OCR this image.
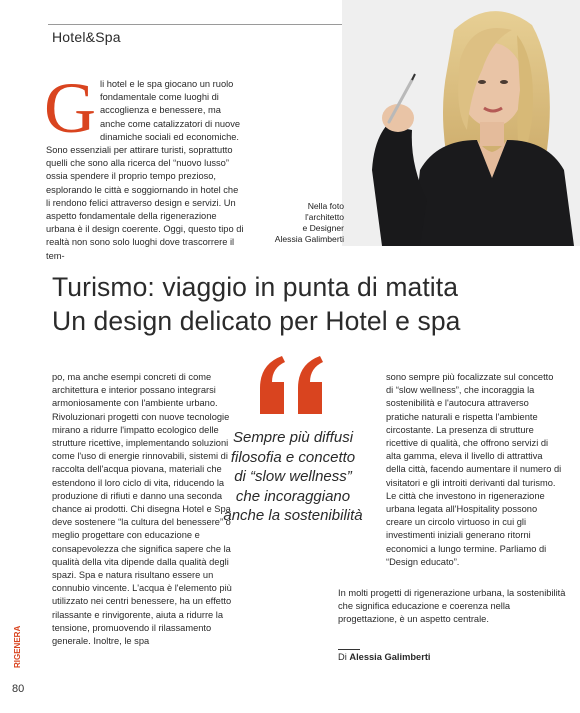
Hotel&Spa

G li hotel e le spa giocano un ruolo fondamentale come luoghi di accoglienza e benessere, ma anche come catalizzatori di nuove dinamiche sociali ed economiche. Sono essenziali per attirare turisti, soprattutto quelli che sono alla ricerca del “nuovo lusso” ossia spendere il proprio tempo prezioso, esplorando le città e soggiornando in hotel che li rendono felici attraverso design e servizi. Un aspetto fondamentale della rigenerazione urbana è il design coerente. Oggi, questo tipo di realtà non sono solo luoghi dove trascorrere il tem-

Nella foto
l'architetto
e Designer
Alessia Galimberti
Turismo: viaggio in punta di matita
Un design delicato per Hotel e spa

po, ma anche esempi concreti di come architettura e interior possano integrarsi armoniosamente con l'ambiente urbano. Rivoluzionari progetti con nuove tecnologie mirano a ridurre l'impatto ecologico delle strutture ricettive, implementando soluzioni come l'uso di energie rinnovabili, sistemi di raccolta dell'acqua piovana, materiali che estendono il loro ciclo di vita, riducendo la produzione di rifiuti e danno una seconda chance ai prodotti. Chi disegna Hotel e Spa deve sostenere “la cultura del benessere” o meglio progettare con educazione e consapevolezza che significa sapere che la qualità della vita dipende dalla qualità degli spazi. Spa e natura risultano essere un connubio vincente. L'acqua è l'elemento più utilizzato nei centri benessere, ha un effetto rilassante e rinvigorente, aiuta a ridurre la tensione, promuovendo il rilassamento generale. Inoltre, le spa

Sempre più diffusi
filosofia e concetto
di “slow wellness”
che incoraggiano
anche la sostenibilità

sono sempre più focalizzate sul concetto di “slow wellness”, che incoraggia la sostenibilità e l'autocura attraverso pratiche naturali e rispetta l'ambiente circostante. La presenza di strutture ricettive di qualità, che offrono servizi di alta gamma, eleva il livello di attrattiva della città, facendo aumentare il numero di visitatori e gli introiti derivanti dal turismo. Le città che investono in rigenerazione urbana legata all'Hospitality possono creare un circolo virtuoso in cui gli investimenti iniziali generano ritorni economici a lungo termine. Parliamo di “Design educato”.

In molti progetti di rigenerazione urbana, la sostenibilità che significa educazione e coerenza nella progettazione, è un aspetto centrale.

Di Alessia Galimberti
RIGENERA
80
